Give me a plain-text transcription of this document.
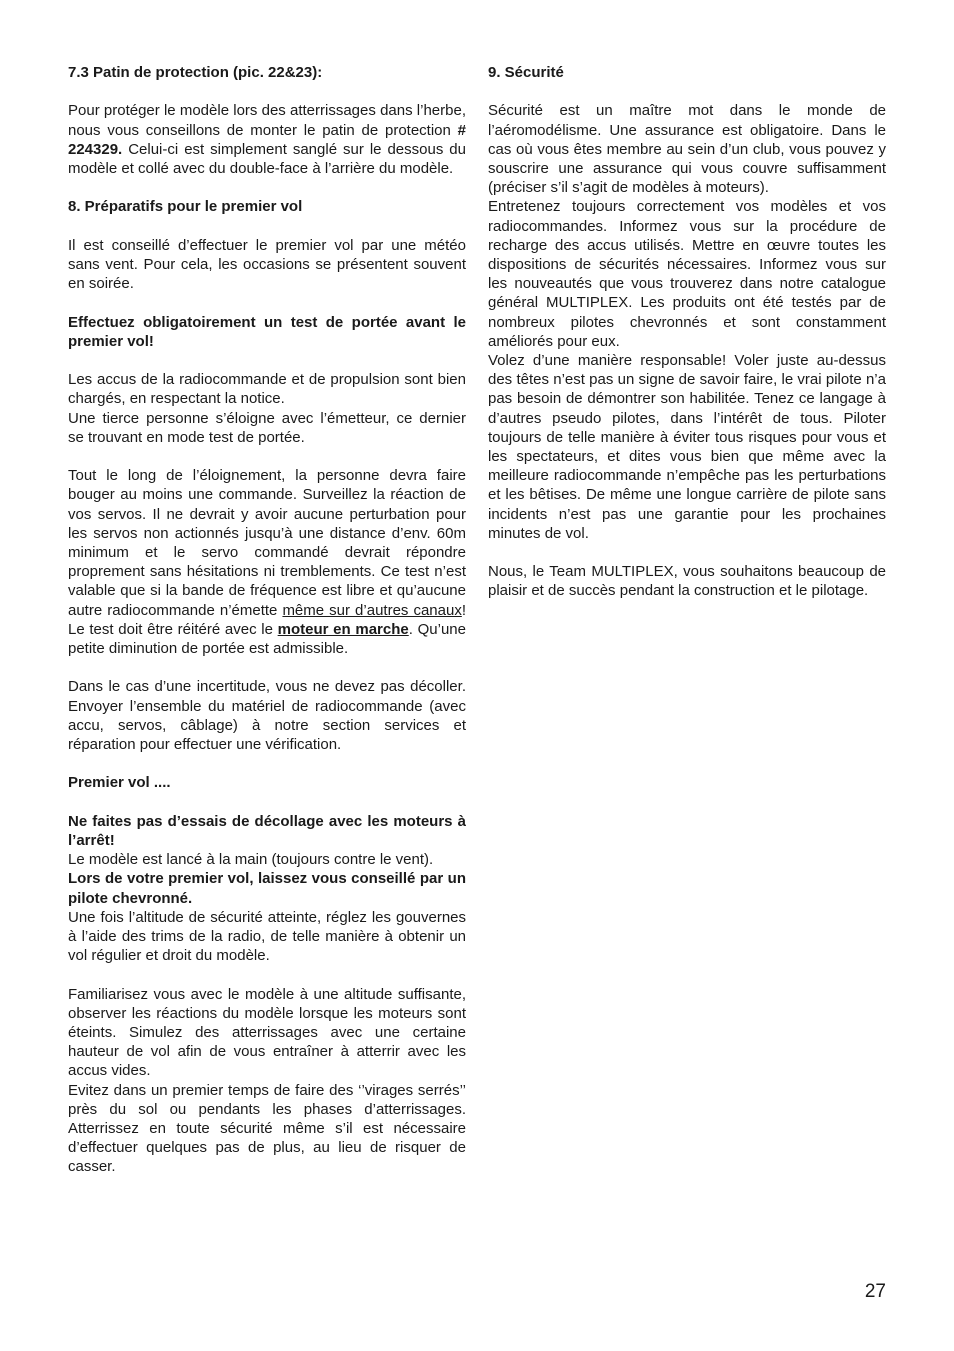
7.3 Patin de protection (pic. 22&23):

Pour protéger le modèle lors des atterrissages dans l’herbe, nous vous conseillons de monter le patin de protection # 224329. Celui-ci est simplement sanglé sur le dessous du modèle et collé avec du double-face à l’arrière du modèle.

8. Préparatifs pour le premier vol

Il est conseillé d’effectuer le premier vol par une météo sans vent. Pour cela, les occasions se présentent souvent en soirée.

Effectuez obligatoirement un test de portée avant le premier vol!

Les accus de la radiocommande et de propulsion sont bien chargés, en respectant la notice.

Une tierce personne s’éloigne avec l’émetteur, ce dernier se trouvant en mode test de portée.

Tout le long de l’éloignement, la personne devra faire bouger au moins une commande. Surveillez la réaction de vos servos. Il ne devrait y avoir aucune perturbation pour les servos non actionnés jusqu’à une distance d’env. 60m minimum et le servo commandé devrait répondre proprement sans hésitations ni tremblements. Ce test n’est valable que si la bande de fréquence est libre et qu’aucune autre radiocommande n’émette même sur d’autres canaux! Le test doit être réitéré avec le moteur en marche. Qu’une petite diminution de portée est admissible.

Dans le cas d’une incertitude, vous ne devez pas décoller. Envoyer l’ensemble du matériel de radiocommande (avec accu, servos, câblage) à notre section services et réparation pour effectuer une vérification.

Premier vol ....

Ne faites pas d’essais de décollage avec les moteurs à l’arrêt!

Le modèle est lancé à la main (toujours contre le vent).

Lors de votre premier vol, laissez vous conseillé par un pilote chevronné.

Une fois l’altitude de sécurité atteinte, réglez les gouvernes à l’aide des trims de la radio, de telle manière à obtenir un vol régulier et droit du modèle.

Familiarisez vous avec le modèle à une altitude suffisante, observer les réactions du modèle lorsque les moteurs sont éteints. Simulez des atterrissages avec une certaine hauteur de vol afin de vous entraîner à atterrir avec les accus vides.

Evitez dans un premier temps de faire des ‘’virages serrés’’ près du sol ou pendants les phases d’atterrissages. Atterrissez en toute sécurité même s’il est nécessaire d’effectuer quelques pas de plus, au lieu de risquer de casser.

9. Sécurité

Sécurité est un maître mot dans le monde de l’aéromodélisme. Une assurance est obligatoire. Dans le cas où vous êtes membre au sein d’un club, vous pouvez y souscrire une assurance qui vous couvre suffisamment (préciser s’il s’agit de modèles à moteurs).

Entretenez toujours correctement vos modèles et vos radiocommandes. Informez vous sur la procédure de recharge des accus utilisés. Mettre en œuvre toutes les dispositions de sécurités nécessaires. Informez vous sur les nouveautés que vous trouverez dans notre catalogue général MULTIPLEX. Les produits ont été testés par de nombreux pilotes chevronnés et sont constamment améliorés pour eux.

Volez d’une manière responsable! Voler juste au-dessus des têtes n’est pas un signe de savoir faire, le vrai pilote n’a pas besoin de démontrer son habilitée. Tenez ce langage à d’autres pseudo pilotes, dans l’intérêt de tous. Piloter toujours de telle manière à éviter tous risques pour vous et les spectateurs, et dites vous bien que même avec la meilleure radiocommande n’empêche pas les perturbations et les bêtises. De même une longue carrière de pilote sans incidents n’est pas une garantie pour les prochaines minutes de vol.

Nous, le Team MULTIPLEX, vous souhaitons beaucoup de plaisir et de succès pendant la construction et le pilotage.

27
